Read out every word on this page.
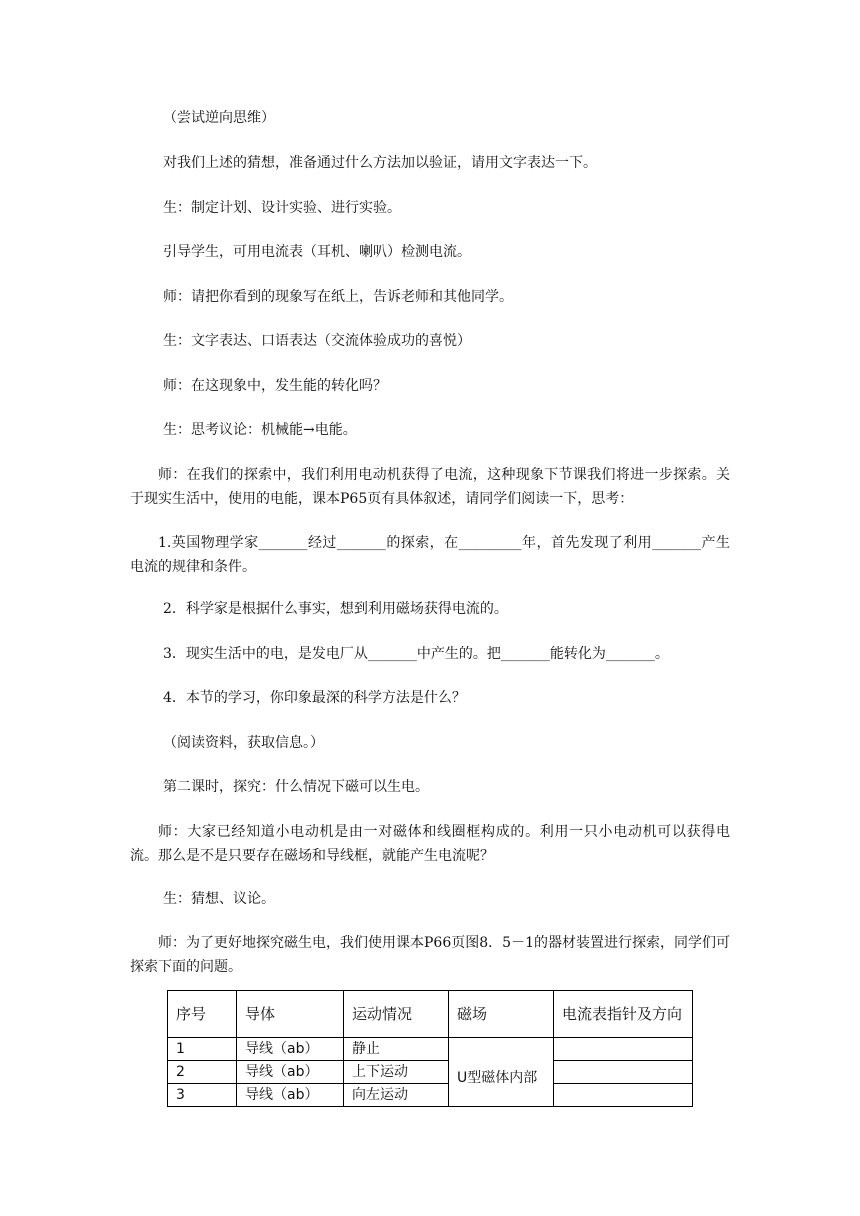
（尝试逆向思维）

对我们上述的猜想，准备通过什么方法加以验证，请用文字表达一下。

生：制定计划、设计实验、进行实验。

引导学生，可用电流表（耳机、喇叭）检测电流。

师：请把你看到的现象写在纸上，告诉老师和其他同学。

生：文字表达、口语表达（交流体验成功的喜悦）

师：在这现象中，发生能的转化吗？

生：思考议论：机械能→电能。

师：在我们的探索中，我们利用电动机获得了电流，这种现象下节课我们将进一步探索。关于现实生活中，使用的电能，课本P65页有具体叙述，请同学们阅读一下，思考：

1.英国物理学家_______经过_______的探索，在_________年，首先发现了利用_______产生电流的规律和条件。

2．科学家是根据什么事实，想到利用磁场获得电流的。

3．现实生活中的电，是发电厂从_______中产生的。把_______能转化为_______。

4．本节的学习，你印象最深的科学方法是什么？

（阅读资料，获取信息。）

第二课时，探究：什么情况下磁可以生电。

师：大家已经知道小电动机是由一对磁体和线圈框构成的。利用一只小电动机可以获得电流。那么是不是只要存在磁场和导线框，就能产生电流呢？

生：猜想、议论。

师：为了更好地探究磁生电，我们使用课本P66页图8．5－1的器材装置进行探索，同学们可探索下面的问题。

序号	导体	运动情况	磁场	电流表指针及方向
1	导线（ab）	静止	U型磁体内部	
2	导线（ab）	上下运动		
3	导线（ab）	向左运动		
